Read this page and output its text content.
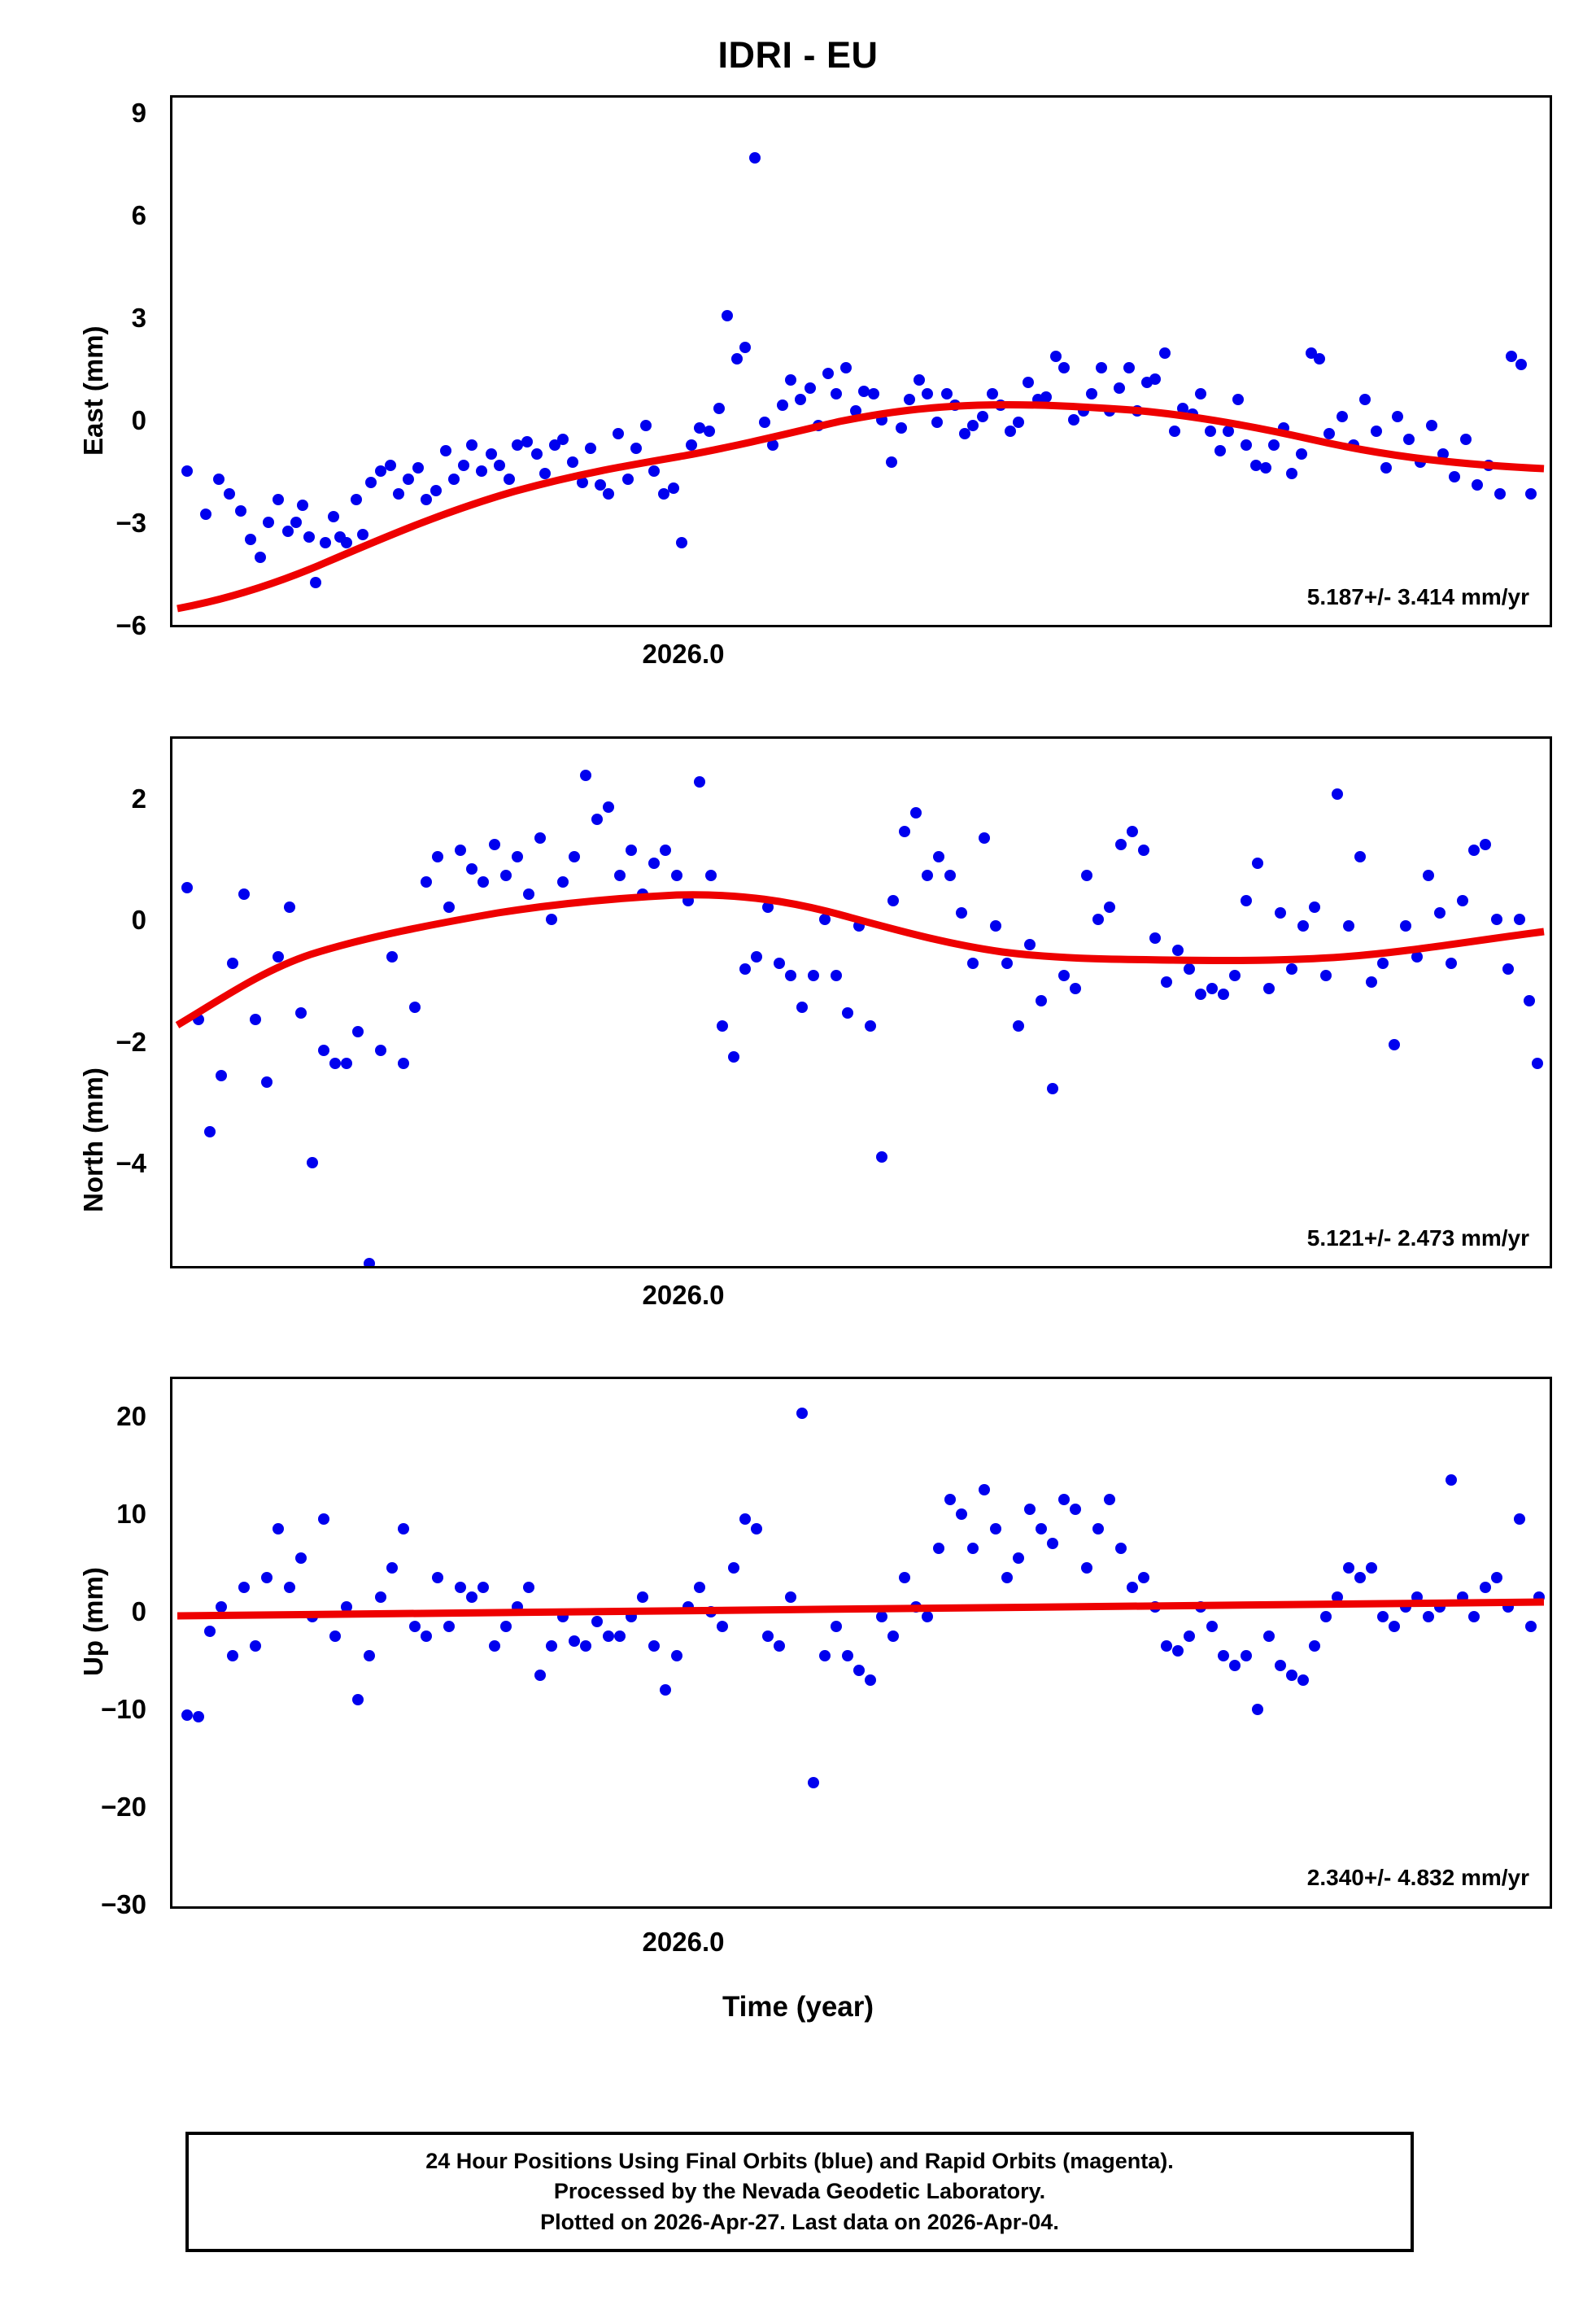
IDRI - EU
East (mm)
9
6
3
0
−3
−6
5.187+/- 3.414 mm/yr
2026.0
North (mm)
2
0
−2
−4
5.121+/- 2.473 mm/yr
2026.0
Up (mm)
20
10
0
−10
−20
−30
2.340+/- 4.832 mm/yr
2026.0
Time (year)
24 Hour Positions Using Final Orbits (blue) and Rapid Orbits (magenta).
Processed by the Nevada Geodetic Laboratory.
Plotted on 2026-Apr-27. Last data on 2026-Apr-04.
